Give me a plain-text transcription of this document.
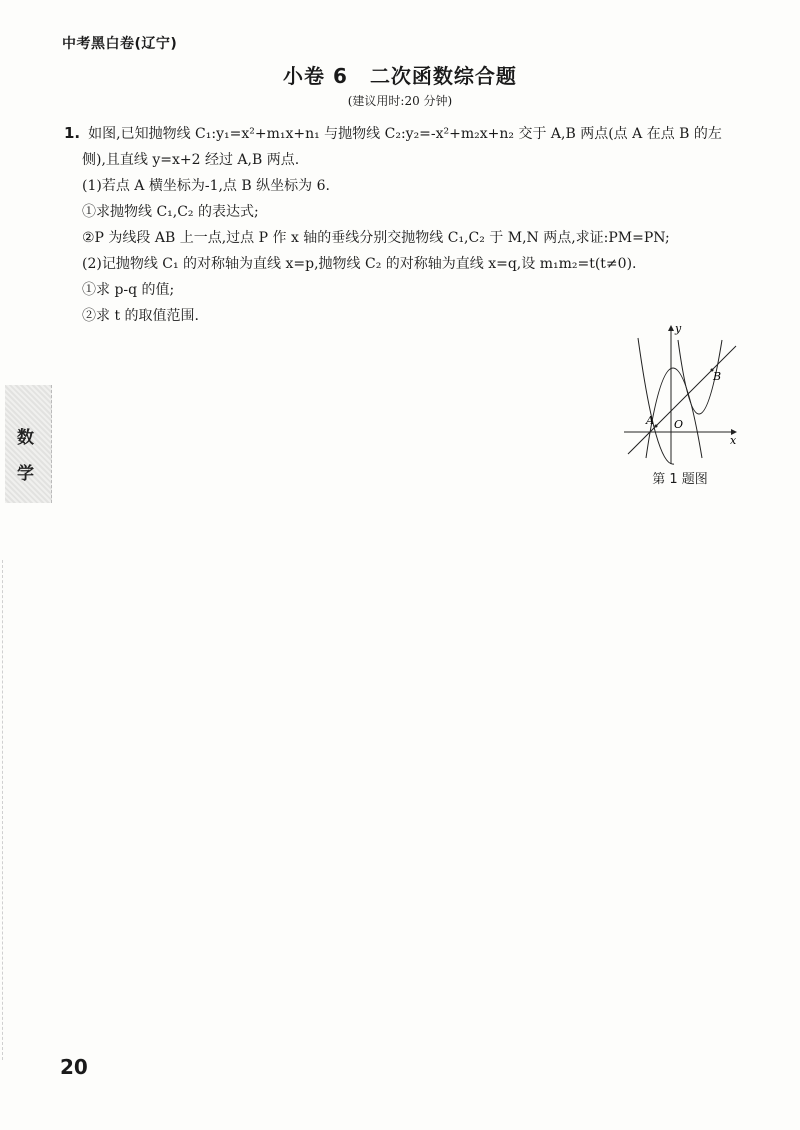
中考黑白卷(辽宁)
小卷 6 二次函数综合题
(建议用时:20 分钟)

1. 如图,已知抛物线 C₁:y₁=x²+m₁x+n₁ 与抛物线 C₂:y₂=-x²+m₂x+n₂ 交于 A,B 两点(点 A 在点 B 的左

侧),且直线 y=x+2 经过 A,B 两点.

(1)若点 A 横坐标为-1,点 B 纵坐标为 6.

①求抛物线 C₁,C₂ 的表达式;

②P 为线段 AB 上一点,过点 P 作 x 轴的垂线分别交抛物线 C₁,C₂ 于 M,N 两点,求证:PM=PN;

(2)记抛物线 C₁ 的对称轴为直线 x=p,抛物线 C₂ 的对称轴为直线 x=q,设 m₁m₂=t(t≠0).

①求 p-q 的值;

②求 t 的取值范围.

y
x
O
A
B
第 1 题图
数
学
20
